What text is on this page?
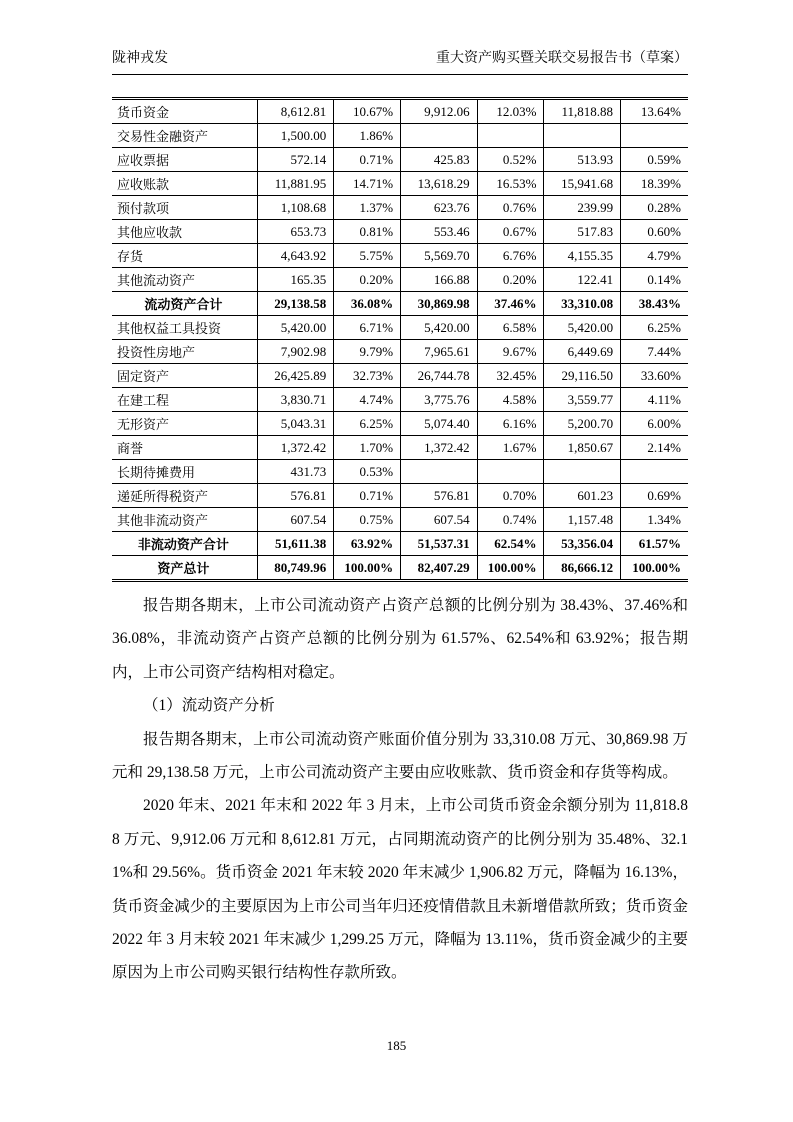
陇神戎发	重大资产购买暨关联交易报告书（草案）
货币资金	8,612.81	10.67%	9,912.06	12.03%	11,818.88	13.64%
交易性金融资产	1,500.00	1.86%				
应收票据	572.14	0.71%	425.83	0.52%	513.93	0.59%
应收账款	11,881.95	14.71%	13,618.29	16.53%	15,941.68	18.39%
预付款项	1,108.68	1.37%	623.76	0.76%	239.99	0.28%
其他应收款	653.73	0.81%	553.46	0.67%	517.83	0.60%
存货	4,643.92	5.75%	5,569.70	6.76%	4,155.35	4.79%
其他流动资产	165.35	0.20%	166.88	0.20%	122.41	0.14%
流动资产合计	29,138.58	36.08%	30,869.98	37.46%	33,310.08	38.43%
其他权益工具投资	5,420.00	6.71%	5,420.00	6.58%	5,420.00	6.25%
投资性房地产	7,902.98	9.79%	7,965.61	9.67%	6,449.69	7.44%
固定资产	26,425.89	32.73%	26,744.78	32.45%	29,116.50	33.60%
在建工程	3,830.71	4.74%	3,775.76	4.58%	3,559.77	4.11%
无形资产	5,043.31	6.25%	5,074.40	6.16%	5,200.70	6.00%
商誉	1,372.42	1.70%	1,372.42	1.67%	1,850.67	2.14%
长期待摊费用	431.73	0.53%				
递延所得税资产	576.81	0.71%	576.81	0.70%	601.23	0.69%
其他非流动资产	607.54	0.75%	607.54	0.74%	1,157.48	1.34%
非流动资产合计	51,611.38	63.92%	51,537.31	62.54%	53,356.04	61.57%
资产总计	80,749.96	100.00%	82,407.29	100.00%	86,666.12	100.00%

报告期各期末，上市公司流动资产占资产总额的比例分别为 38.43%、37.46%和 36.08%，非流动资产占资产总额的比例分别为 61.57%、62.54%和 63.92%；报告期内，上市公司资产结构相对稳定。

（1）流动资产分析

报告期各期末，上市公司流动资产账面价值分别为 33,310.08 万元、30,869.98 万元和 29,138.58 万元，上市公司流动资产主要由应收账款、货币资金和存货等构成。

2020 年末、2021 年末和 2022 年 3 月末，上市公司货币资金余额分别为 11,818.88 万元、9,912.06 万元和 8,612.81 万元，占同期流动资产的比例分别为 35.48%、32.11%和 29.56%。货币资金 2021 年末较 2020 年末减少 1,906.82 万元，降幅为 16.13%，货币资金减少的主要原因为上市公司当年归还疫情借款且未新增借款所致；货币资金 2022 年 3 月末较 2021 年末减少 1,299.25 万元，降幅为 13.11%，货币资金减少的主要原因为上市公司购买银行结构性存款所致。

185
